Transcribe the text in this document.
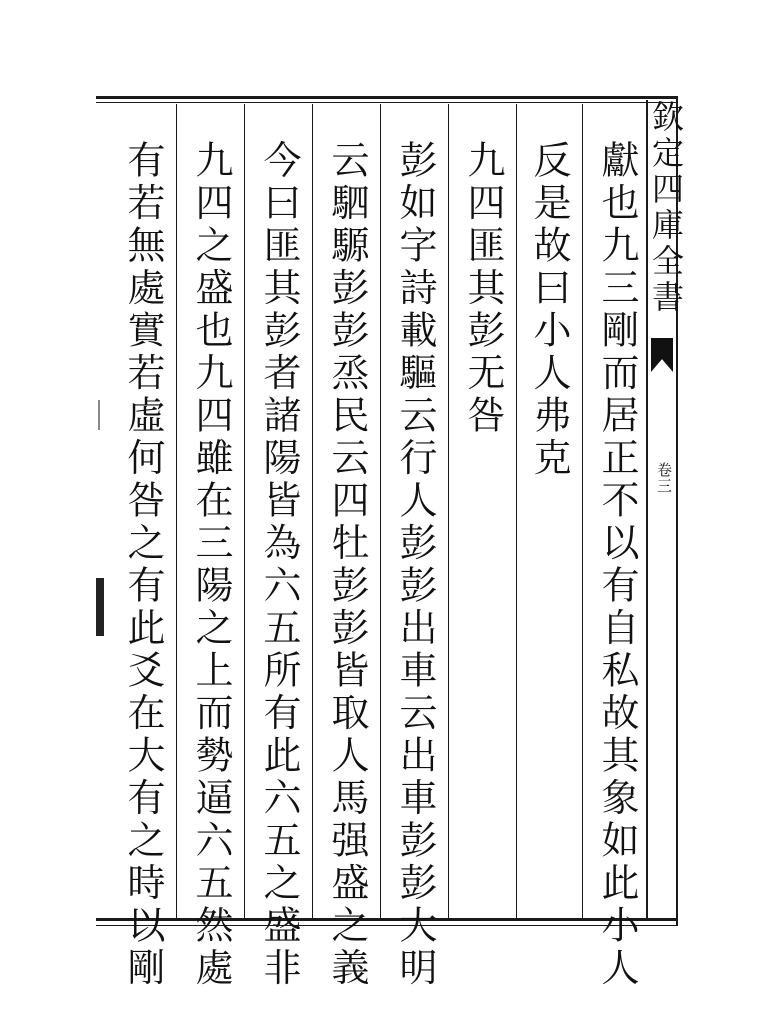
欽定四庫全書
卷三
獻也九三剛而居正不以有自私故其象如此小人
反是故曰小人弗克
九四匪其彭无咎
彭如字詩載驅云行人彭彭出車云出車彭彭大明
云駟騵彭彭烝民云四牡彭彭皆取人馬强盛之義
今曰匪其彭者諸陽皆為六五所有此六五之盛非
九四之盛也九四雖在三陽之上而勢逼六五然處
有若無處實若虛何咎之有此爻在大有之時以剛
